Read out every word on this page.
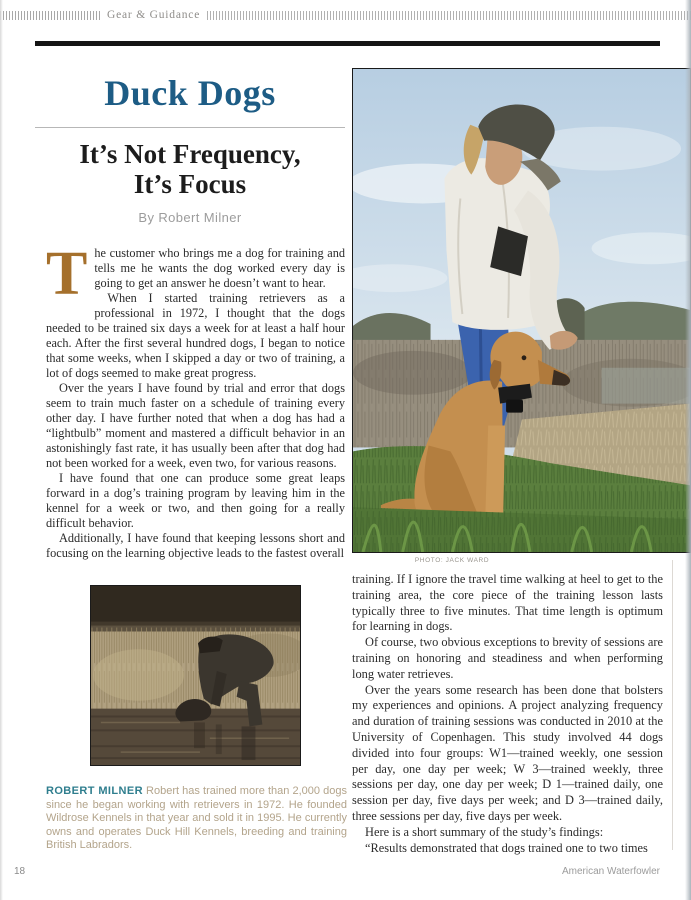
Gear & Guidance
Duck Dogs
It’s Not Frequency,
It’s Focus

By Robert Milner

The customer who brings me a dog for training and tells me he wants the dog worked every day is going to get an answer he doesn’t want to hear.

When I started training retrievers as a professional in 1972, I thought that the dogs needed to be trained six days a week for at least a half hour each. After the first several hundred dogs, I began to notice that some weeks, when I skipped a day or two of training, a lot of dogs seemed to make great progress.

Over the years I have found by trial and error that dogs seem to train much faster on a schedule of training every other day. I have further noted that when a dog has had a “lightbulb” moment and mastered a difficult behavior in an astonishingly fast rate, it has usually been after that dog had not been worked for a week, even two, for various reasons.

I have found that one can produce some great leaps forward in a dog’s training program by leaving him in the kennel for a week or two, and then going for a really difficult behavior.

Additionally, I have found that keeping lessons short and focusing on the learning objective leads to the fastest overall

PHOTO: JACK WARD

training. If I ignore the travel time walking at heel to get to the training area, the core piece of the training lesson lasts typically three to five minutes. That time length is optimum for learning in dogs.

Of course, two obvious exceptions to brevity of sessions are training on honoring and steadiness and when performing long water retrieves.

Over the years some research has been done that bolsters my experiences and opinions. A project analyzing frequency and duration of training sessions was conducted in 2010 at the University of Copenhagen. This study involved 44 dogs divided into four groups: W1—trained weekly, one session per day, one day per week; W 3—trained weekly, three sessions per day, one day per week; D 1—trained daily, one session per day, five days per week; and D 3—trained daily, three sessions per day, five days per week.

Here is a short summary of the study’s findings:

“Results demonstrated that dogs trained one to two times

ROBERT MILNER Robert has trained more than 2,000 dogs since he began working with retrievers in 1972. He founded Wildrose Kennels in that year and sold it in 1995. He currently owns and operates Duck Hill Kennels, breeding and training British Labradors.

18	American Waterfowler
